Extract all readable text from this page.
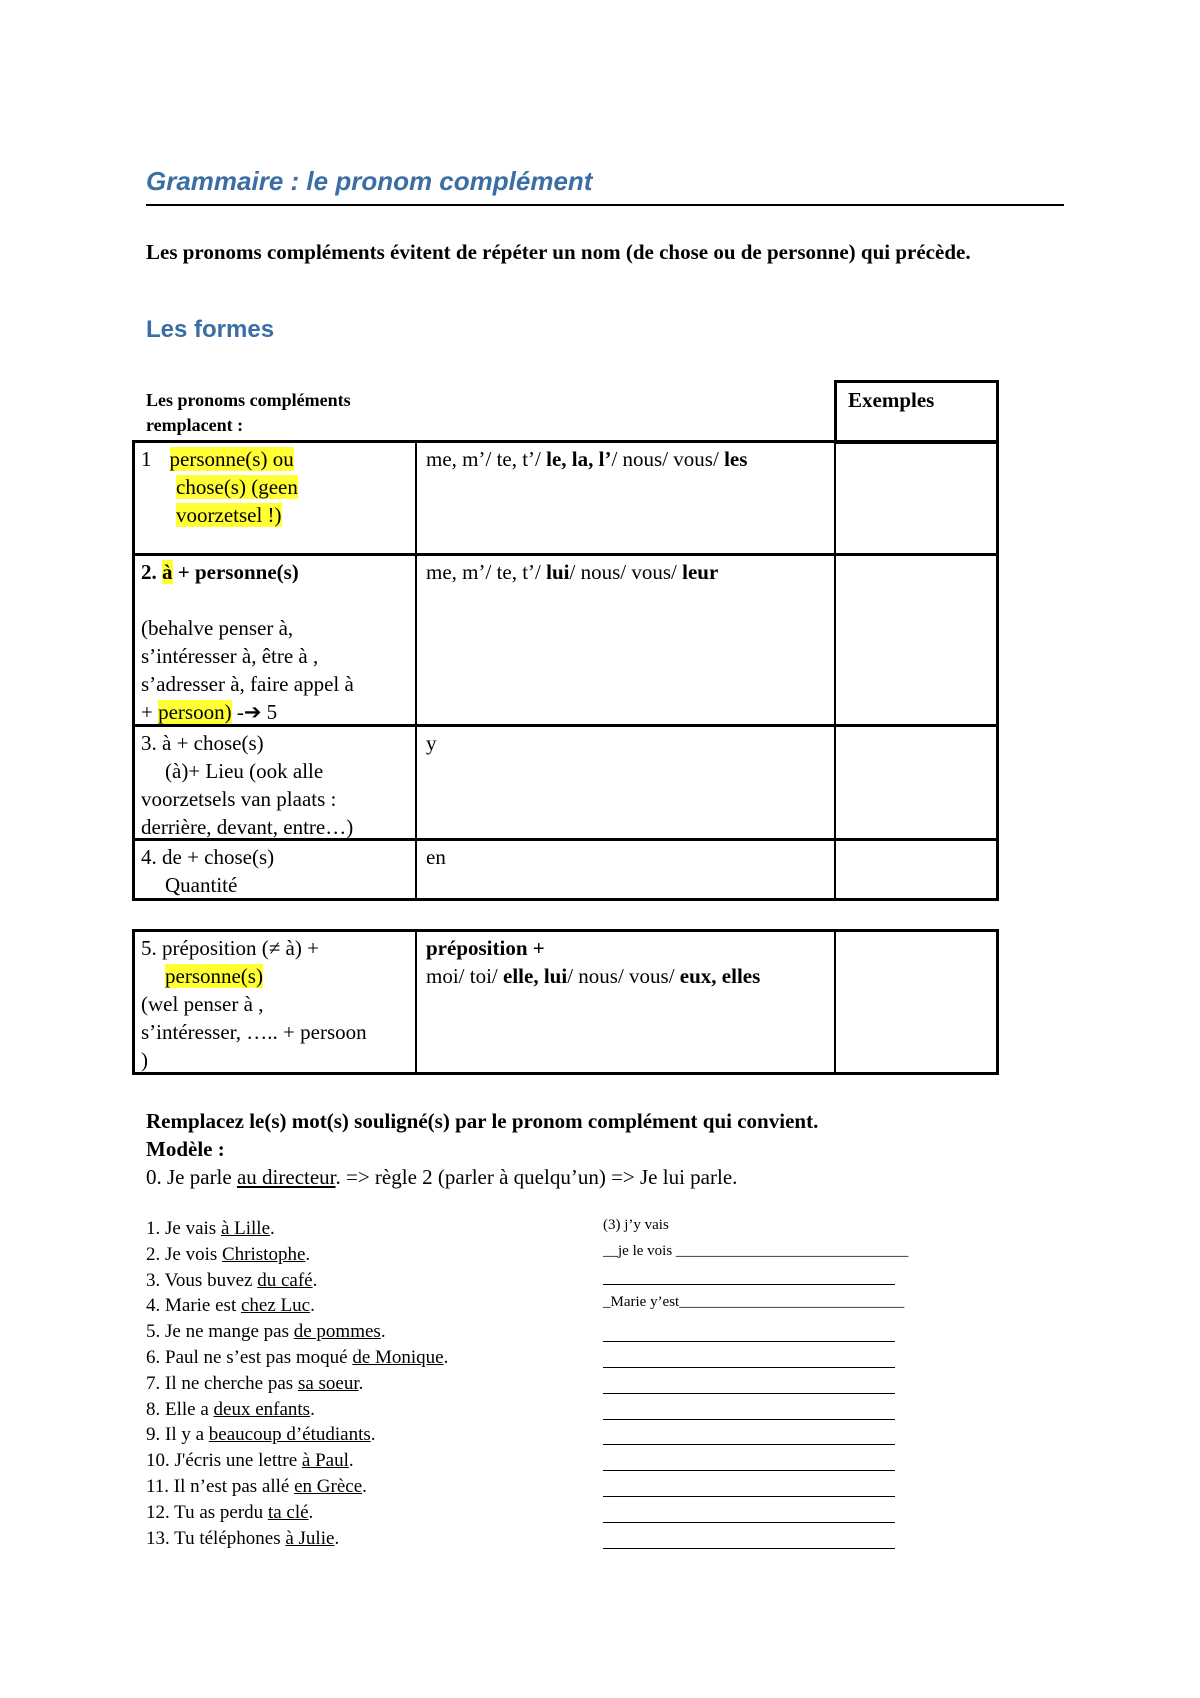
Grammaire : le pronom complément
Les pronoms compléments évitent de répéter un nom (de chose ou de personne) qui précède.
Les formes
Les pronoms compléments remplacent :
Exemples
1 personne(s) ou
chose(s) (geen
voorzetsel !)
me, m’/ te, t’/ le, la, l’/ nous/ vous/ les
2. à + personne(s)

(behalve penser à,
s’intéresser à, être à ,
s’adresser à, faire appel à
+ persoon) -➔ 5
me, m’/ te, t’/ lui/ nous/ vous/ leur
3. à + chose(s)
(à)+ Lieu (ook alle
voorzetsels van plaats :
derrière, devant, entre…)
y
4. de + chose(s)
Quantité
en
5. préposition (≠ à) +
personne(s)
(wel penser à ,
s’intéresser, ….. + persoon
)
préposition +
moi/ toi/ elle, lui/ nous/ vous/ eux, elles
Remplacez le(s) mot(s) souligné(s) par le pronom complément qui convient.
Modèle :
0. Je parle au directeur. => règle 2 (parler à quelqu’un) => Je lui parle.
1. Je vais à Lille.
2. Je vois Christophe.
3. Vous buvez du café.
4. Marie est chez Luc.
5. Je ne mange pas de pommes.
6. Paul ne s’est pas moqué de Monique.
7. Il ne cherche pas sa soeur.
8. Elle a deux enfants.
9. Il y a beaucoup d’étudiants.
10. J'écris une lettre à Paul.
11. Il n’est pas allé en Grèce.
12. Tu as perdu ta clé.
13. Tu téléphones à Julie.
(3) j’y vais
__je le vois _______________________________
_Marie y’est______________________________
